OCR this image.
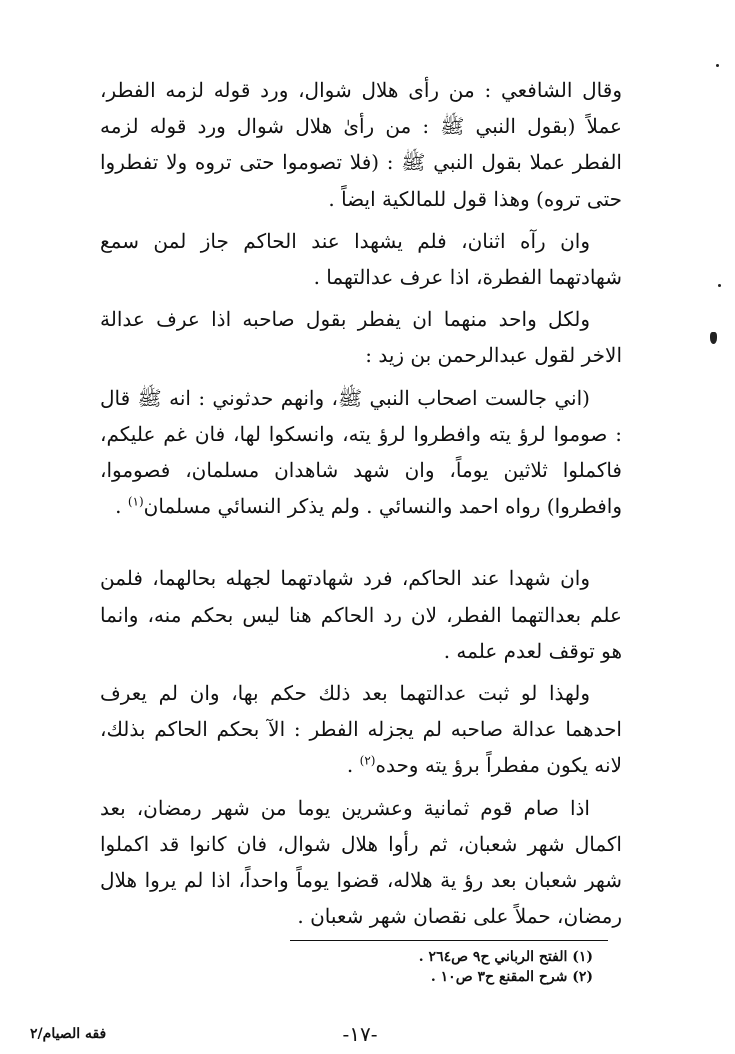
وقال الشافعي : من رأى هلال شوال، ورد قوله لزمه الفطر، عملاً (بقول النبي ﷺ : من رأىٰ هلال شوال ورد قوله لزمه الفطر عملا بقول النبي ﷺ : (فلا تصوموا حتى تروه ولا تفطروا حتى تروه) وهذا قول للمالكية ايضاً .

وان رآه اثنان، فلم يشهدا عند الحاكم جاز لمن سمع شهادتهما الفطرة، اذا عرف عدالتهما .

ولكل واحد منهما ان يفطر بقول صاحبه اذا عرف عدالة الاخر لقول عبدالرحمن بن زيد :

(اني جالست اصحاب النبي ﷺ، وانهم حدثوني : انه ﷺ قال : صوموا لرؤ يته وافطروا لرؤ يته، وانسكوا لها، فان غم عليكم، فاكملوا ثلاثين يوماً، وان شهد شاهدان مسلمان، فصوموا، وافطروا) رواه احمد والنسائي . ولم يذكر النسائي مسلمان$^{(١)}$ .

وان شهدا عند الحاكم، فرد شهادتهما لجهله بحالهما، فلمن علم بعدالتهما الفطر، لان رد الحاكم هنا ليس بحكم منه، وانما هو توقف لعدم علمه .

ولهذا لو ثبت عدالتهما بعد ذلك حكم بها، وان لم يعرف احدهما عدالة صاحبه لم يجزله الفطر : الآ بحكم الحاكم بذلك، لانه يكون مفطراً برؤ يته وحده$^{(٢)}$ .

اذا صام قوم ثمانية وعشرين يوما من شهر رمضان، بعد اكمال شهر شعبان، ثم رأوا هلال شوال، فان كانوا قد اكملوا شهر شعبان بعد رؤ ية هلاله، قضوا يوماً واحداً، اذا لم يروا هلال رمضان، حملاً على نقصان شهر شعبان .

(١) الفتح الرباني ح٩ ص٢٦٤ .

(٢) شرح المقنع ح٣ ص١٠ .

-١٧-
فقه الصيام/٢
